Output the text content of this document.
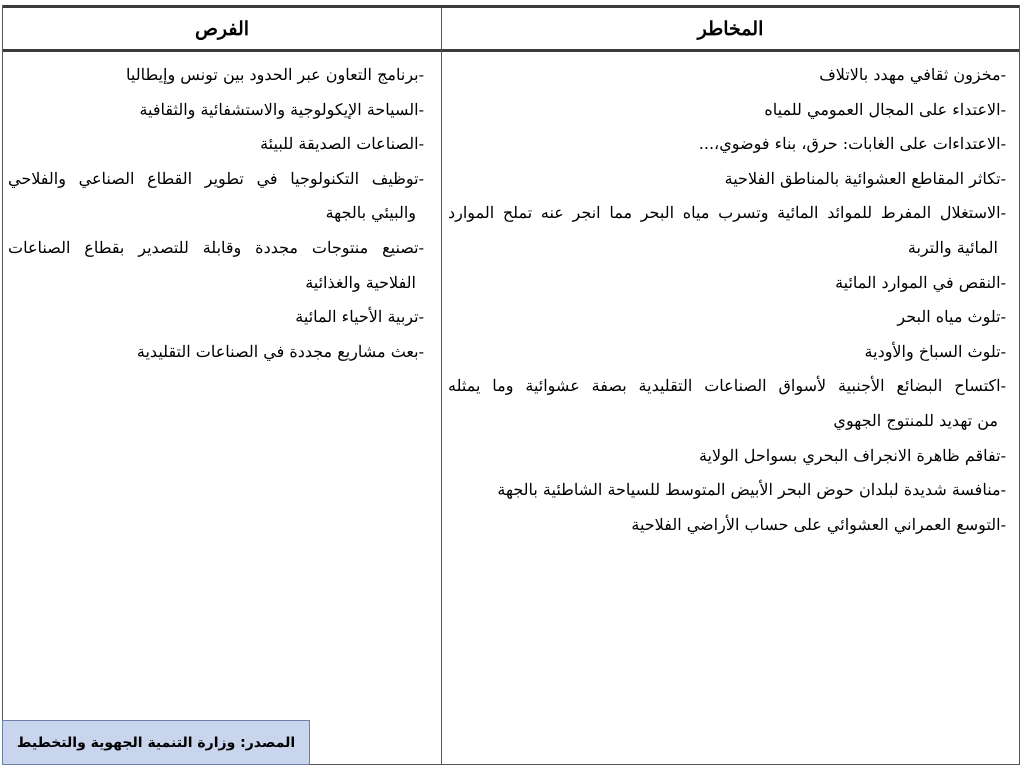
الفرص	المخاطر
-برنامج التعاون عبر الحدود بين تونس وإيطاليا
-السياحة الإيكولوجية والاستشفائية والثقافية
-الصناعات الصديقة للبيئة
-توظيف التكنولوجيا في تطوير القطاع الصناعي والفلاحي
والبيئي بالجهة
-تصنيع منتوجات مجددة وقابلة للتصدير بقطاع الصناعات
الفلاحية والغذائية
-تربية الأحياء المائية
-بعث مشاريع مجددة في الصناعات التقليدية
-مخزون ثقافي مهدد بالاتلاف
-الاعتداء على المجال العمومي للمياه
-الاعتداءات على الغابات: حرق، بناء فوضوي،...
-تكاثر المقاطع العشوائية بالمناطق الفلاحية
-الاستغلال المفرط للموائد المائية وتسرب مياه البحر مما انجر عنه تملح الموارد
المائية والتربة
-النقص في الموارد المائية
-تلوث مياه البحر
-تلوث السباخ والأودية
-اكتساح البضائع الأجنبية لأسواق الصناعات التقليدية بصفة عشوائية وما يمثله
من تهديد للمنتوج الجهوي
-تفاقم ظاهرة الانجراف البحري بسواحل الولاية
-منافسة شديدة لبلدان حوض البحر الأبيض المتوسط للسياحة الشاطئية بالجهة
-التوسع العمراني العشوائي على حساب الأراضي الفلاحية
المصدر: وزارة التنمية الجهوية والتخطيط
